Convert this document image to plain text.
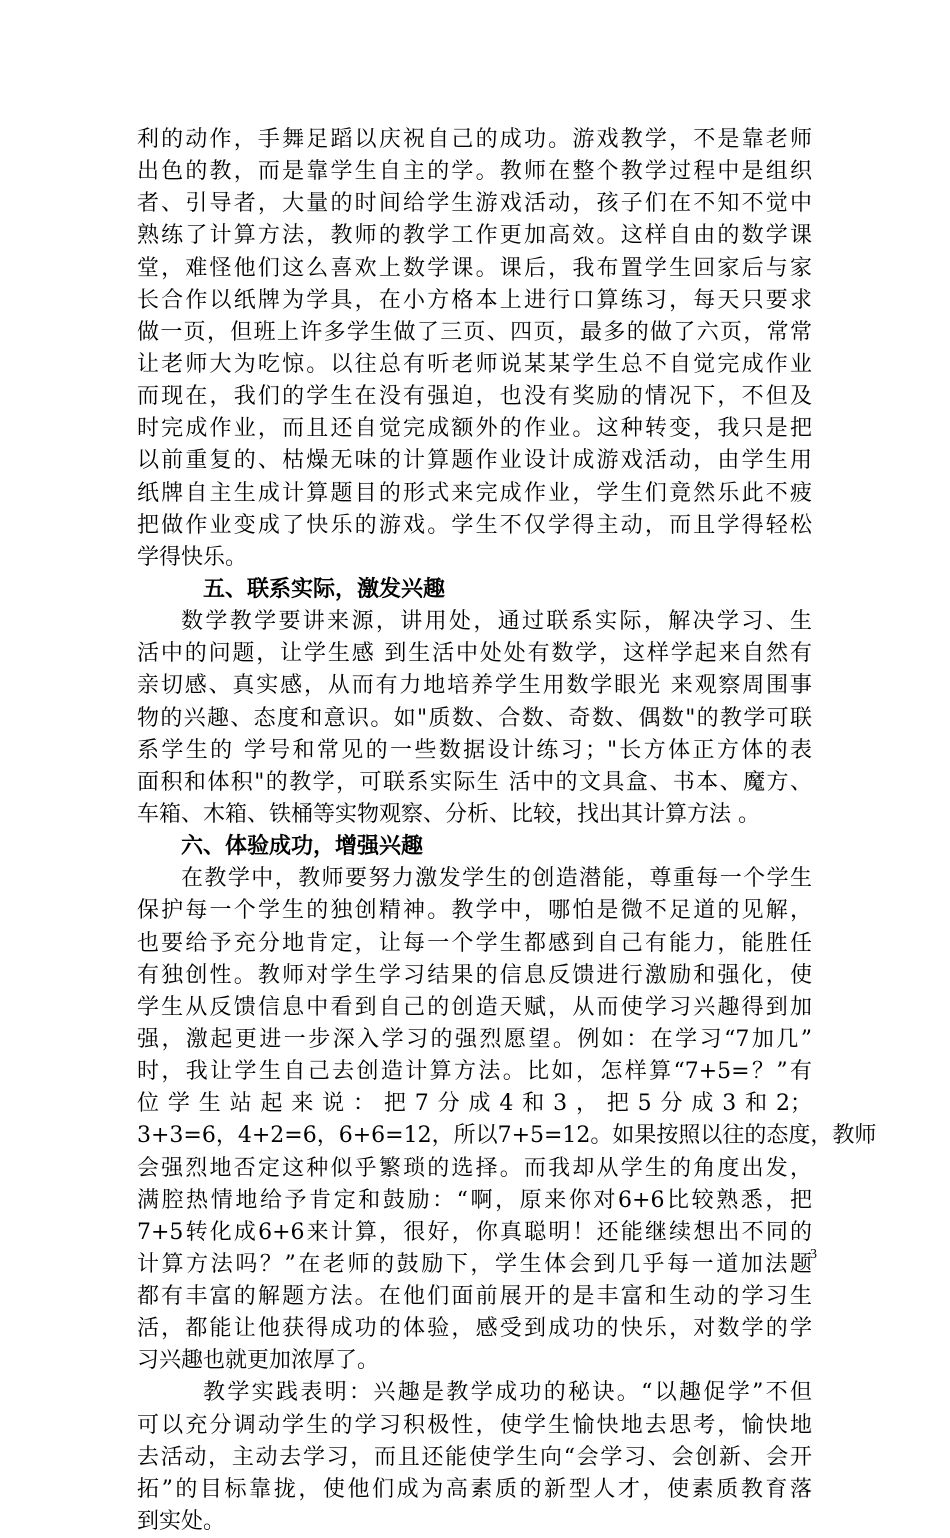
利的动作，手舞足蹈以庆祝自己的成功。游戏教学，不是靠老师
出色的教，而是靠学生自主的学。教师在整个教学过程中是组织
者、引导者，大量的时间给学生游戏活动，孩子们在不知不觉中
熟练了计算方法，教师的教学工作更加高效。这样自由的数学课
堂，难怪他们这么喜欢上数学课。课后，我布置学生回家后与家
长合作以纸牌为学具，在小方格本上进行口算练习，每天只要求
做一页，但班上许多学生做了三页、四页，最多的做了六页，常常
让老师大为吃惊。以往总有听老师说某某学生总不自觉完成作业
而现在，我们的学生在没有强迫，也没有奖励的情况下，不但及
时完成作业，而且还自觉完成额外的作业。这种转变，我只是把
以前重复的、枯燥无味的计算题作业设计成游戏活动，由学生用
纸牌自主生成计算题目的形式来完成作业，学生们竟然乐此不疲
把做作业变成了快乐的游戏。学生不仅学得主动，而且学得轻松
学得快乐。
五、联系实际，激发兴趣
数学教学要讲来源，讲用处，通过联系实际，解决学习、生
活中的问题，让学生感 到生活中处处有数学，这样学起来自然有
亲切感、真实感，从而有力地培养学生用数学眼光 来观察周围事
物的兴趣、态度和意识。如"质数、合数、奇数、偶数"的教学可联
系学生的 学号和常见的一些数据设计练习；"长方体正方体的表
面积和体积"的教学，可联系实际生 活中的文具盒、书本、魔方、
车箱、木箱、铁桶等实物观察、分析、比较，找出其计算方法 。
六、体验成功，增强兴趣
在教学中，教师要努力激发学生的创造潜能，尊重每一个学生
保护每一个学生的独创精神。教学中，哪怕是微不足道的见解，
也要给予充分地肯定，让每一个学生都感到自己有能力，能胜任
有独创性。教师对学生学习结果的信息反馈进行激励和强化，使
学生从反馈信息中看到自己的创造天赋，从而使学习兴趣得到加
强，激起更进一步深入学习的强烈愿望。例如：在学习“7加几”
时，我让学生自己去创造计算方法。比如，怎样算“7+5=？”有
位学生站起来说：把7分成4和3，把5分成3和2；
3+3=6，4+2=6，6+6=12，所以7+5=12。如果按照以往的态度，教师
会强烈地否定这种似乎繁琐的选择。而我却从学生的角度出发，
满腔热情地给予肯定和鼓励：“啊，原来你对6+6比较熟悉，把
7+5转化成6+6来计算，很好，你真聪明！还能继续想出不同的
计算方法吗？”在老师的鼓励下，学生体会到几乎每一道加法题
都有丰富的解题方法。在他们面前展开的是丰富和生动的学习生
活，都能让他获得成功的体验，感受到成功的快乐，对数学的学
习兴趣也就更加浓厚了。
教学实践表明：兴趣是教学成功的秘诀。“以趣促学”不但
可以充分调动学生的学习积极性，使学生愉快地去思考，愉快地
去活动，主动去学习，而且还能使学生向“会学习、会创新、会开
拓”的目标靠拢，使他们成为高素质的新型人才，使素质教育落
到实处。
3
